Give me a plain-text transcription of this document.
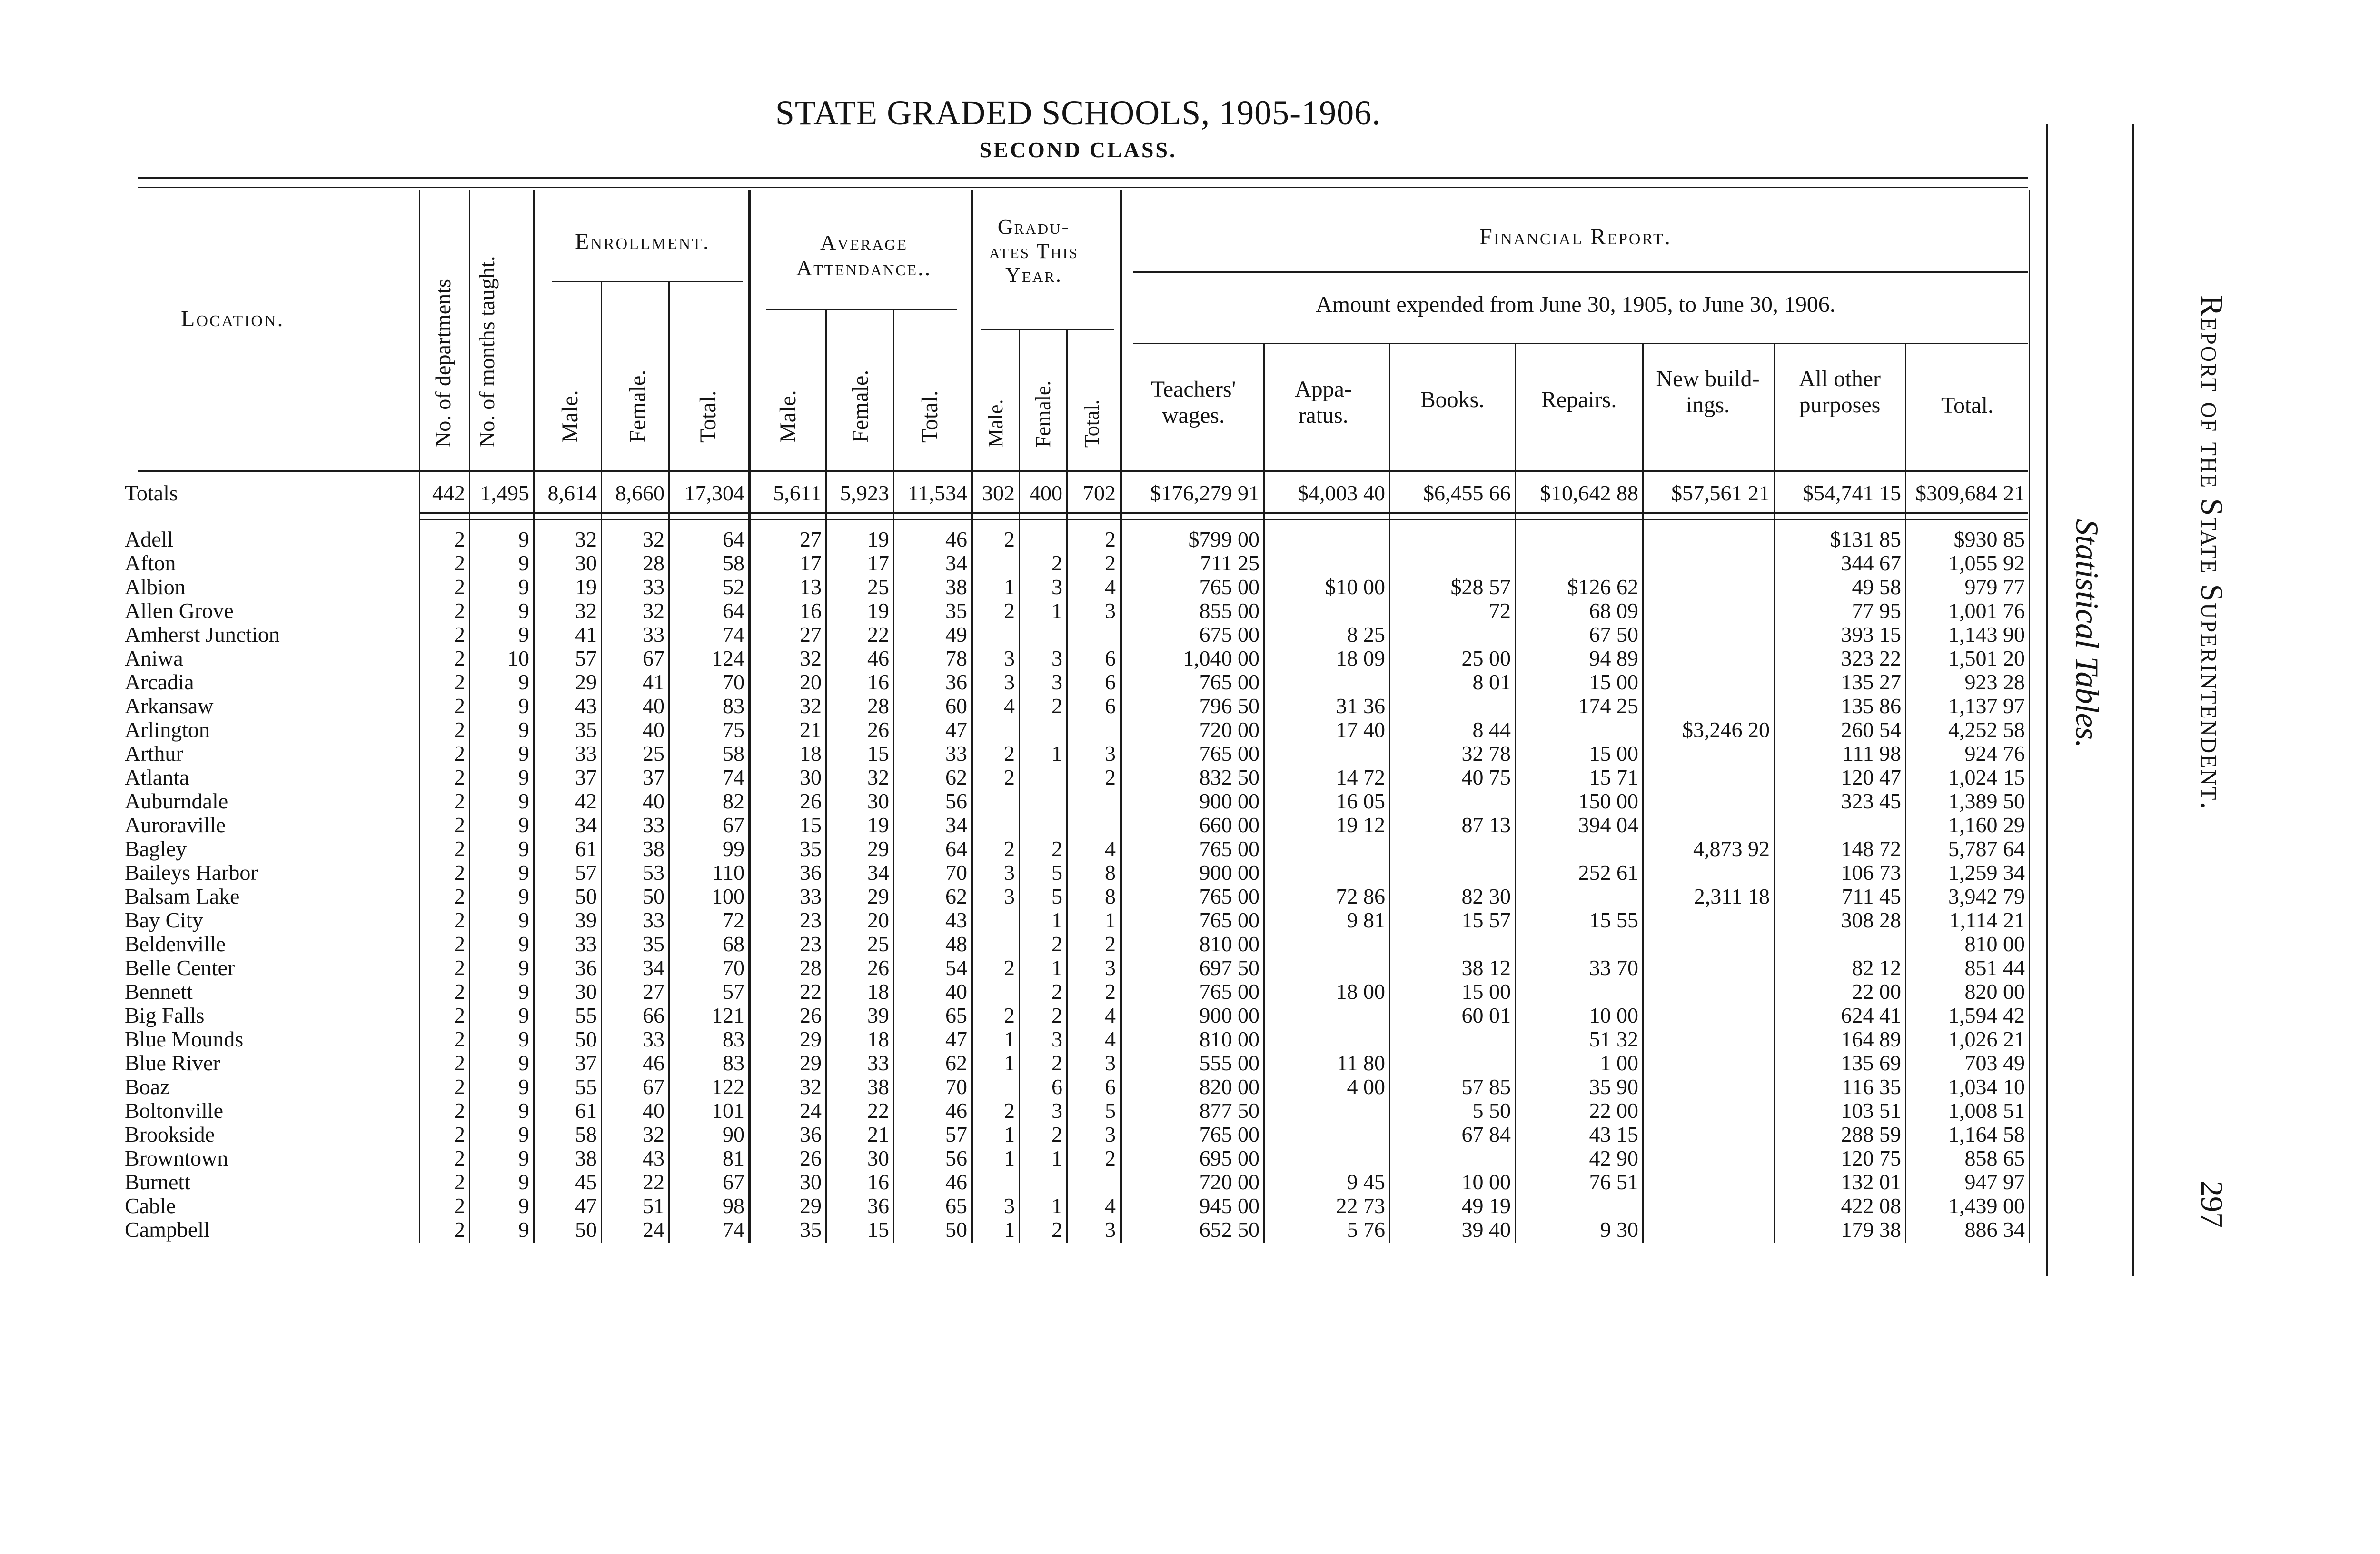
STATE GRADED SCHOOLS, 1905-1906.
SECOND CLASS.
Location.	No. of departments No. of months taught.
Enrollment.
Male. Female. Total.
Average Attendance..
Male. Female. Total.
Gradu- ates This Year.
Male. Female. Total.
Financial Report.
Amount expended from June 30, 1905, to June 30, 1906.
Teachers' wages.
Appa- ratus.
Books.	Repairs.
New build- ings.
All other purposes	Total.
Totals	442	1,495	8,614	8,660	17,304	5,611	5,923	11,534	302	400	702	$176,279 91	$4,003 40	$6,455 66	$10,642 88	$57,561 21	$54,741 15	$309,684 21

Adell	2	9	32	32	64	27	19	46	2		2	$799 00					$131 85	$930 85
Afton	2	9	30	28	58	17	17	34		2	2	711 25					344 67	1,055 92
Albion	2	9	19	33	52	13	25	38	1	3	4	765 00	$10 00	$28 57	$126 62		49 58	979 77
Allen Grove	2	9	32	32	64	16	19	35	2	1	3	855 00		72	68 09		77 95	1,001 76
Amherst Junction	2	9	41	33	74	27	22	49				675 00	8 25		67 50		393 15	1,143 90
Aniwa	2	10	57	67	124	32	46	78	3	3	6	1,040 00	18 09	25 00	94 89		323 22	1,501 20
Arcadia	2	9	29	41	70	20	16	36	3	3	6	765 00		8 01	15 00		135 27	923 28
Arkansaw	2	9	43	40	83	32	28	60	4	2	6	796 50	31 36		174 25		135 86	1,137 97
Arlington	2	9	35	40	75	21	26	47				720 00	17 40	8 44		$3,246 20	260 54	4,252 58
Arthur	2	9	33	25	58	18	15	33	2	1	3	765 00		32 78	15 00		111 98	924 76
Atlanta	2	9	37	37	74	30	32	62	2		2	832 50	14 72	40 75	15 71		120 47	1,024 15
Auburndale	2	9	42	40	82	26	30	56				900 00	16 05		150 00		323 45	1,389 50
Auroraville	2	9	34	33	67	15	19	34				660 00	19 12	87 13	394 04			1,160 29
Bagley	2	9	61	38	99	35	29	64	2	2	4	765 00				4,873 92	148 72	5,787 64
Baileys Harbor	2	9	57	53	110	36	34	70	3	5	8	900 00			252 61		106 73	1,259 34
Balsam Lake	2	9	50	50	100	33	29	62	3	5	8	765 00	72 86	82 30		2,311 18	711 45	3,942 79
Bay City	2	9	39	33	72	23	20	43		1	1	765 00	9 81	15 57	15 55		308 28	1,114 21
Beldenville	2	9	33	35	68	23	25	48		2	2	810 00						810 00
Belle Center	2	9	36	34	70	28	26	54	2	1	3	697 50		38 12	33 70		82 12	851 44
Bennett	2	9	30	27	57	22	18	40		2	2	765 00	18 00	15 00			22 00	820 00
Big Falls	2	9	55	66	121	26	39	65	2	2	4	900 00		60 01	10 00		624 41	1,594 42
Blue Mounds	2	9	50	33	83	29	18	47	1	3	4	810 00			51 32		164 89	1,026 21
Blue River	2	9	37	46	83	29	33	62	1	2	3	555 00	11 80		1 00		135 69	703 49
Boaz	2	9	55	67	122	32	38	70		6	6	820 00	4 00	57 85	35 90		116 35	1,034 10
Boltonville	2	9	61	40	101	24	22	46	2	3	5	877 50		5 50	22 00		103 51	1,008 51
Brookside	2	9	58	32	90	36	21	57	1	2	3	765 00		67 84	43 15		288 59	1,164 58
Browntown	2	9	38	43	81	26	30	56	1	1	2	695 00			42 90		120 75	858 65
Burnett	2	9	45	22	67	30	16	46				720 00	9 45	10 00	76 51		132 01	947 97
Cable	2	9	47	51	98	29	36	65	3	1	4	945 00	22 73	49 19			422 08	1,439 00
Campbell	2	9	50	24	74	35	15	50	1	2	3	652 50	5 76	39 40	9 30		179 38	886 34
Report of the State Superintendent.
297
Statistical Tables.
